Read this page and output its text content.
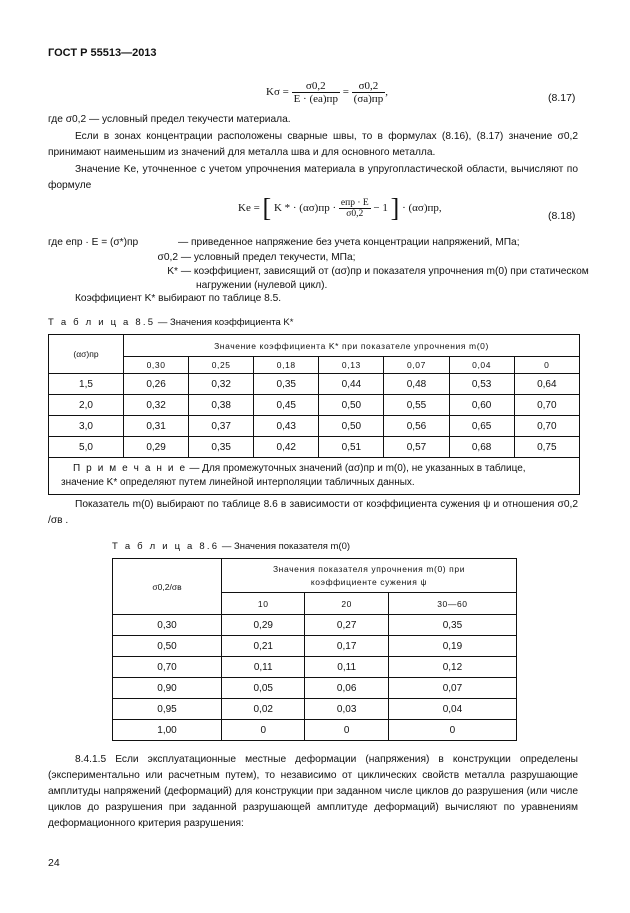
ГОСТ Р 55513—2013
$K\sigma = \frac{\sigma 0,2}{E \cdot (eа)пр} = \frac{\sigma 0,2}{(\sigma а)пр}$ ,	(8.17)
где σ0,2 — условный предел текучести материала.
Если в зонах концентрации расположены сварные швы, то в формулах (8.16), (8.17) значение σ0,2 принимают наименьшим из значений для металла шва и для основного металла.
Значение Kе, уточненное с учетом упрочнения материала в упругопластической области, вычисляют по формуле
Kе = [ K * · $(\alpha\sigma)пр \cdot \frac{\text{eпр · E}}{\sigma 0,2} - 1$ ] · (ασ)пр,
(8.18)
где eпр · E = (σ*)пр	— приведенное напряжение без учета концентрации напряжений, МПа;
σ0,2 — условный предел текучести, МПа;
K* — коэффициент, зависящий от (ασ)пр и показателя упрочнения m(0) при статическом
нагружении (нулевой цикл).
Коэффициент K* выбирают по таблице 8.5.
Т а б л и ц а 8.5 — Значения коэффициента K*
(ασ)пр	Значение коэффициента K* при показателе упрочнения m(0)						
	0,30	0,25	0,18	0,13	0,07	0,04	0
1,5	0,26	0,32	0,35	0,44	0,48	0,53	0,64
2,0	0,32	0,38	0,45	0,50	0,55	0,60	0,70
3,0	0,31	0,37	0,43	0,50	0,56	0,65	0,70
5,0	0,29	0,35	0,42	0,51	0,57	0,68	0,75
П р и м е ч а н и е — Для промежуточных значений (ασ)пр и m(0), не указанных в таблице, значение K* определяют путем линейной интерполяции табличных данных.							
Показатель m(0) выбирают по таблице 8.6 в зависимости от коэффициента сужения ψ и отношения σ0,2 /σв .
Т а б л и ц а 8.6 — Значения показателя m(0)
σ0,2/σв	Значения показателя упрочнения m(0) при коэффициенте сужения ψ		
	10	20	30—60
0,30	0,29	0,27	0,35
0,50	0,21	0,17	0,19
0,70	0,11	0,11	0,12
0,90	0,05	0,06	0,07
0,95	0,02	0,03	0,04
1,00	0	0	0
8.4.1.5 Если эксплуатационные местные деформации (напряжения) в конструкции определены (экспериментально или расчетным путем), то независимо от циклических свойств металла разрушающие амплитуды напряжений (деформаций) для конструкции при заданном числе циклов до разрушения (или числе циклов до разрушения при заданной разрушающей амплитуде деформаций) вычисляют по уравнениям деформационного критерия разрушения:
24
